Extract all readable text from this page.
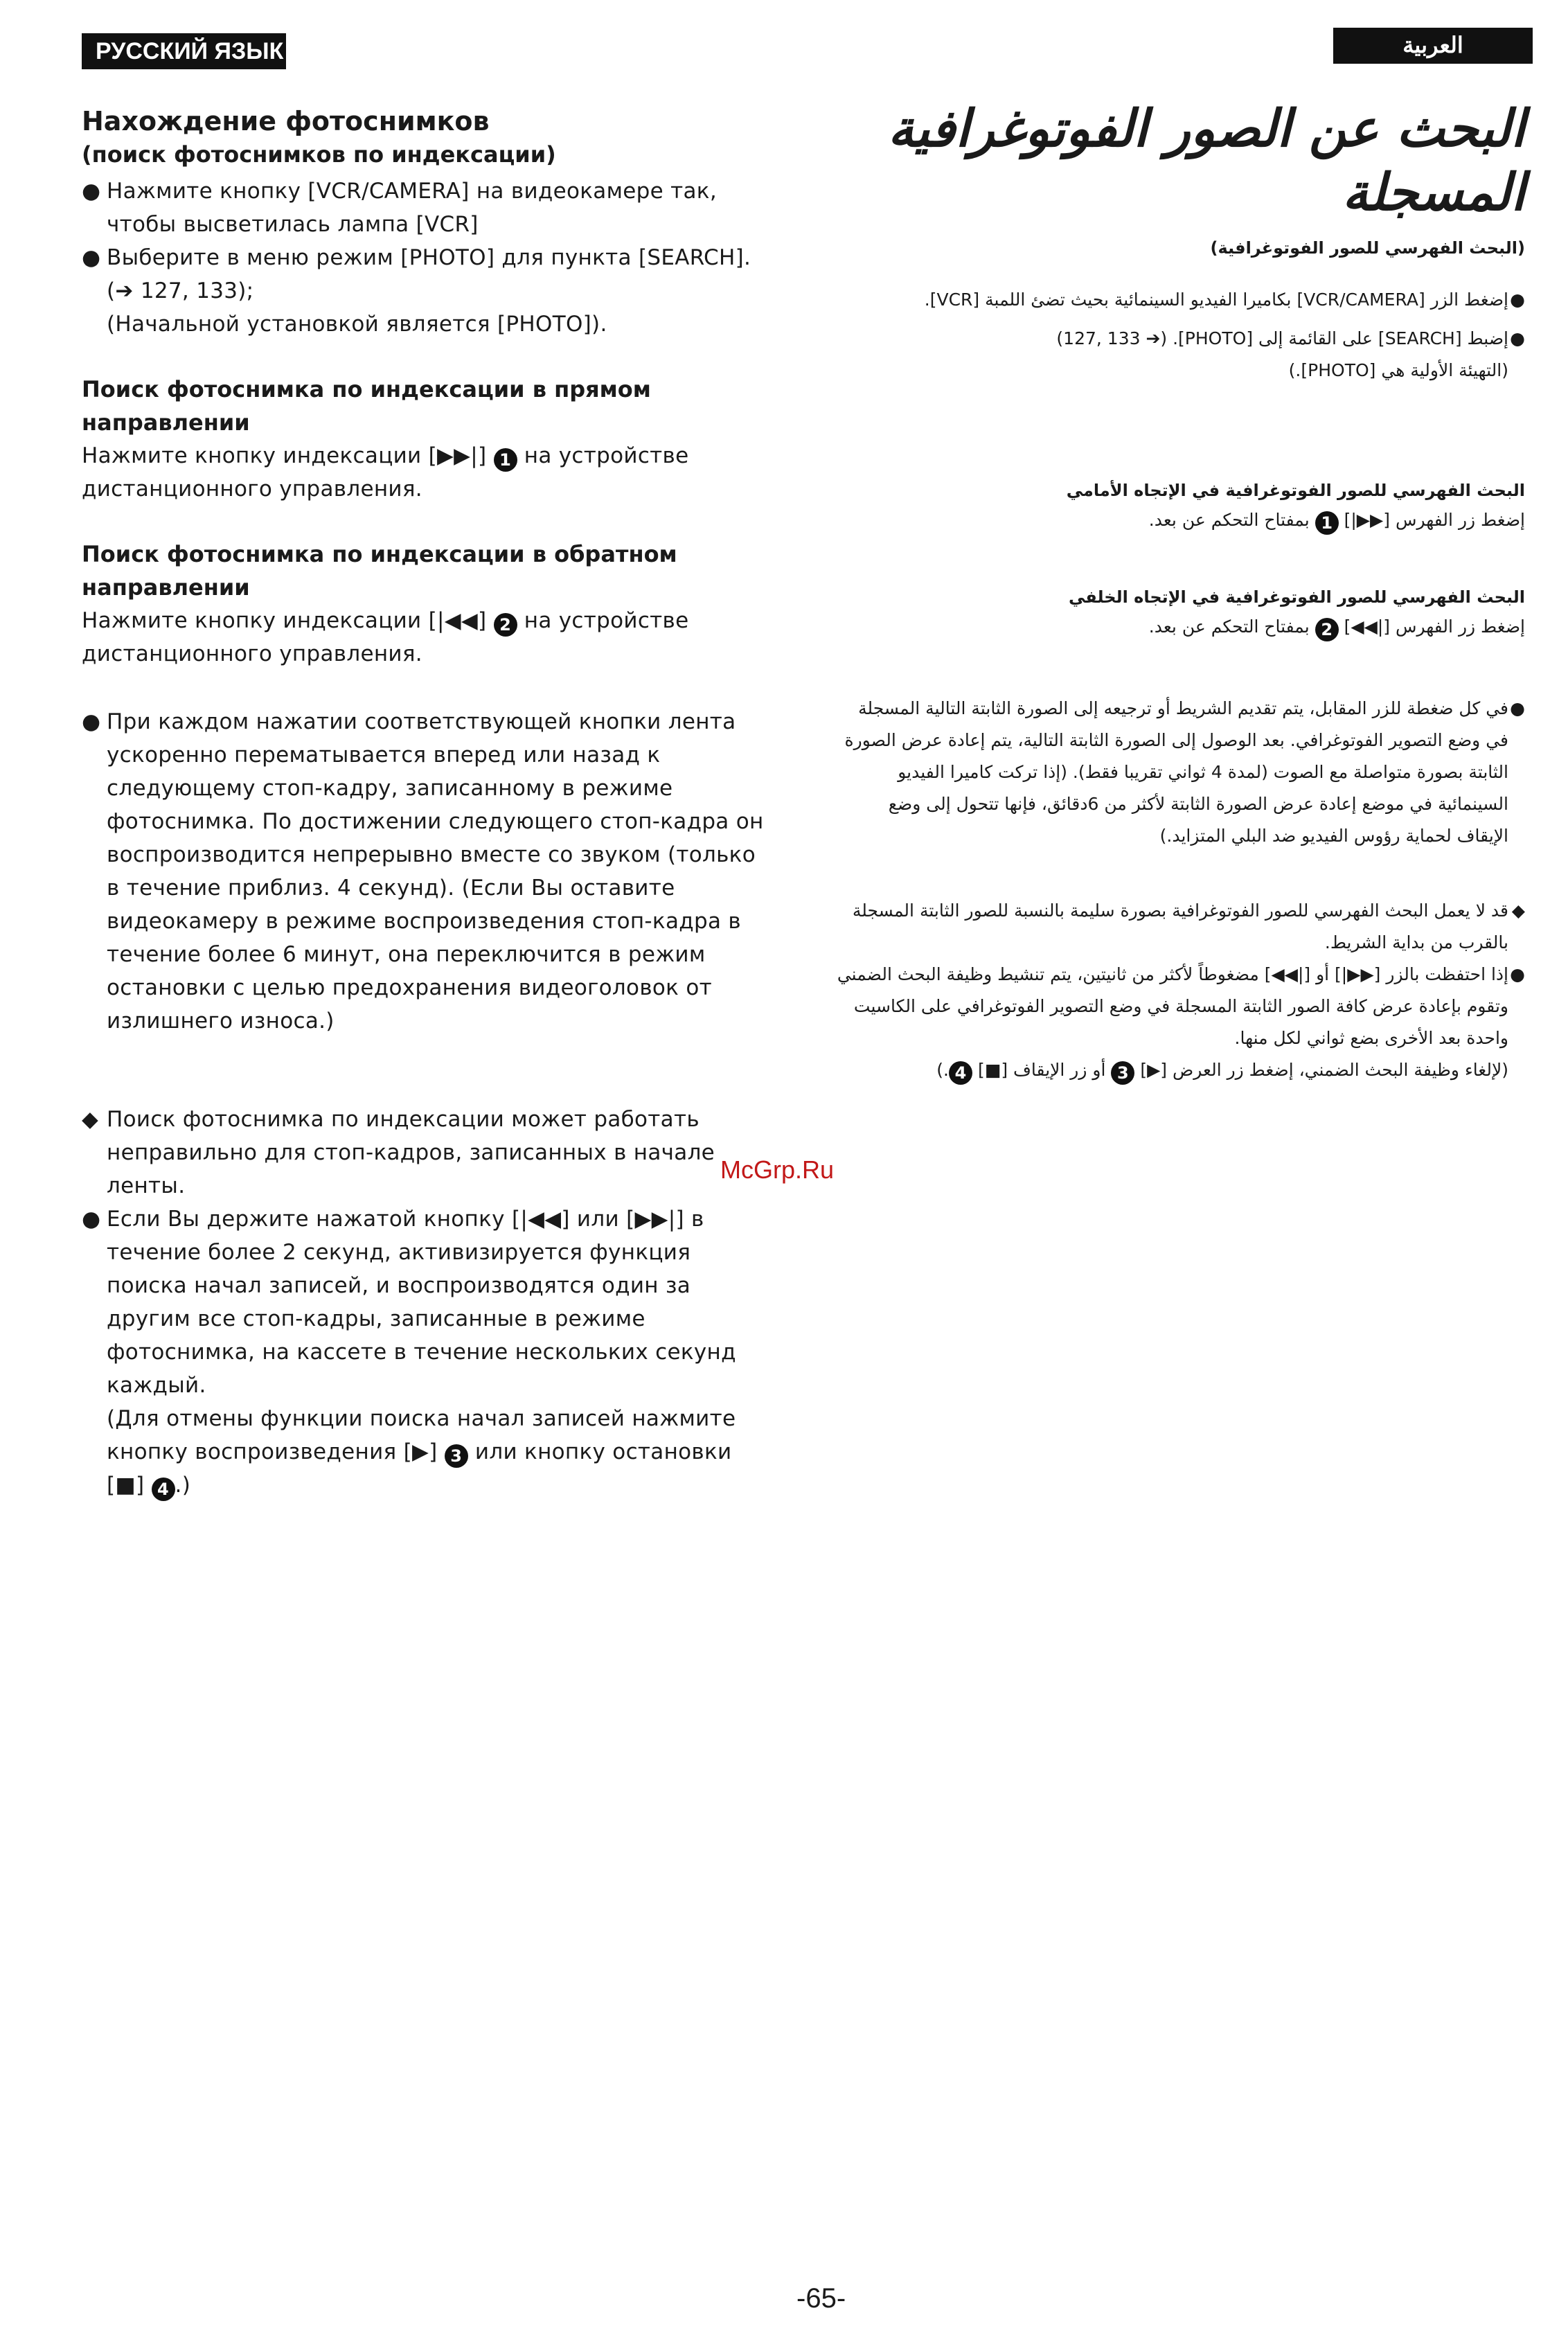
РУССКИЙ ЯЗЫК	العربية

Нахождение фотоснимков

(поиск фотоснимков по индексации)

● Нажмите кнопку [VCR/CAMERA] на видеокамере так, чтобы высветилась лампа [VCR]
● Выберите в меню режим [PHOTO] для пункта [SEARCH]. (➔ 127, 133);
(Начальной установкой является [PHOTO]).

Поиск фотоснимка по индексации в прямом направлении

Нажмите кнопку индексации [▶▶|] 1 на устройстве дистанционного управления.

Поиск фотоснимка по индексации в обратном направлении

Нажмите кнопку индексации [|◀◀] 2 на устройстве дистанционного управления.

● При каждом нажатии соответствующей кнопки лента ускоренно перематывается вперед или назад к следующему стоп-кадру, записанному в режиме фотоснимка. По достижении следующего стоп-кадра он воспроизводится непрерывно вместе со звуком (только в течение приблиз. 4 секунд). (Если Вы оставите видеокамеру в режиме воспроизведения стоп-кадра в течение более 6 минут, она переключится в режим остановки с целью предохранения видеоголовок от излишнего износа.)
◆ Поиск фотоснимка по индексации может работать неправильно для стоп-кадров, записанных в начале ленты.
● Если Вы держите нажатой кнопку [|◀◀] или [▶▶|] в течение более 2 секунд, активизируется функция поиска начал записей, и воспроизводятся один за другим все стоп-кадры, записанные в режиме фотоснимка, на кассете в течение нескольких секунд каждый.
(Для отмены функции поиска начал записей нажмите кнопку воспроизведения [▶] 3 или кнопку остановки [■] 4 .)

البحث عن الصور الفوتوغرافية المسجلة

(البحث الفهرسي للصور الفوتوغرافية)

●
إضغط الزر [VCR/CAMERA] بكاميرا الفيديو السينمائية بحيث تضئ اللمبة [VCR].
●
إضبط [SEARCH] على القائمة إلى [PHOTO]. (➔ 127, 133)
(التهيئة الأولية هي [PHOTO].)

البحث الفهرسي للصور الفوتوغرافية في الإتجاه الأمامي

إضغط زر الفهرس [▶▶|] 1 بمفتاح التحكم عن بعد.

البحث الفهرسي للصور الفوتوغرافية في الإتجاه الخلفي

إضغط زر الفهرس [|◀◀] 2 بمفتاح التحكم عن بعد.

●
في كل ضغطة للزر المقابل، يتم تقديم الشريط أو ترجيعه إلى الصورة الثابتة التالية المسجلة في وضع التصوير الفوتوغرافي. بعد الوصول إلى الصورة الثابتة التالية، يتم إعادة عرض الصورة الثابتة بصورة متواصلة مع الصوت (لمدة 4 ثواني تقريبا فقط). (إذا تركت كاميرا الفيديو السينمائية في موضع إعادة عرض الصورة الثابتة لأكثر من 6دقائق، فإنها تتحول إلى وضع الإيقاف لحماية رؤوس الفيديو ضد البلي المتزايد.)
◆
قد لا يعمل البحث الفهرسي للصور الفوتوغرافية بصورة سليمة بالنسبة للصور الثابتة المسجلة بالقرب من بداية الشريط.
●
إذا احتفظت بالزر [▶▶|] أو [|◀◀] مضغوطاً لأكثر من ثانيتين، يتم تنشيط وظيفة البحث الضمني وتقوم بإعادة عرض كافة الصور الثابتة المسجلة في وضع التصوير الفوتوغرافي على الكاسيت واحدة بعد الأخرى بضع ثواني لكل منها.
(لإلغاء وظيفة البحث الضمني، إضغط زر العرض [▶] 3 أو زر الإيقاف [■] 4.)
McGrp.Ru
-65-
